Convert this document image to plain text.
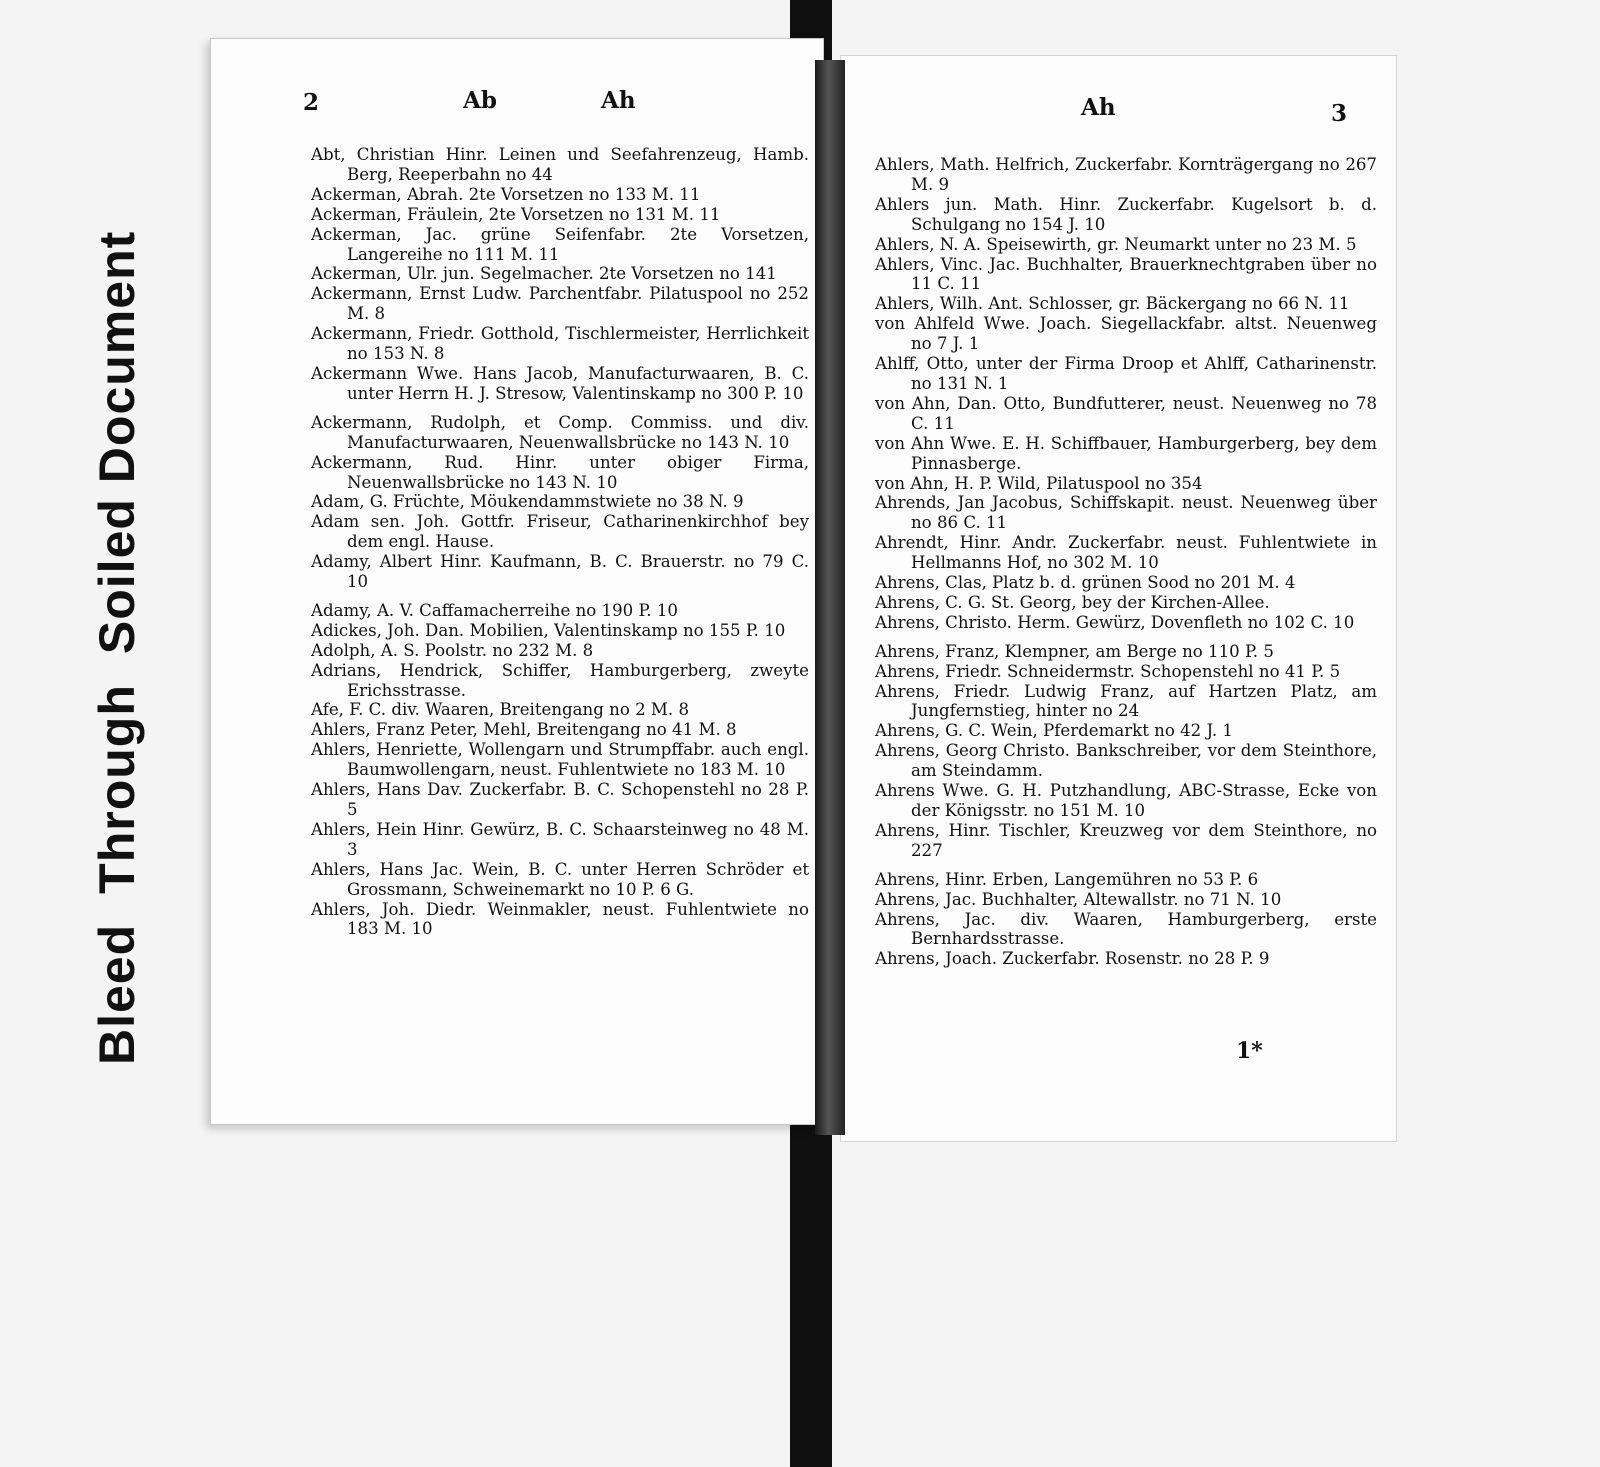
BleedThroughSoiled Document
2	Ab	Ah
Abt, Christian Hinr. Leinen und Seefahrenzeug, Hamb. Berg, Reeperbahn no 44
Ackerman, Abrah. 2te Vorsetzen no 133 M. 11
Ackerman, Fräulein, 2te Vorsetzen no 131 M. 11
Ackerman, Jac. grüne Seifenfabr. 2te Vorsetzen, Langereihe no 111 M. 11
Ackerman, Ulr. jun. Segelmacher. 2te Vorsetzen no 141
Ackermann, Ernst Ludw. Parchentfabr. Pilatuspool no 252 M. 8
Ackermann, Friedr. Gotthold, Tischlermeister, Herrlichkeit no 153 N. 8
Ackermann Wwe. Hans Jacob, Manufacturwaaren, B. C. unter Herrn H. J. Stresow, Valentinskamp no 300 P. 10
Ackermann, Rudolph, et Comp. Commiss. und div. Manufacturwaaren, Neuenwallsbrücke no 143 N. 10
Ackermann, Rud. Hinr. unter obiger Firma, Neuenwallsbrücke no 143 N. 10
Adam, G. Früchte, Möukendammstwiete no 38 N. 9
Adam sen. Joh. Gottfr. Friseur, Catharinenkirchhof bey dem engl. Hause.
Adamy, Albert Hinr. Kaufmann, B. C. Brauerstr. no 79 C. 10
Adamy, A. V. Caffamacherreihe no 190 P. 10
Adickes, Joh. Dan. Mobilien, Valentinskamp no 155 P. 10
Adolph, A. S. Poolstr. no 232 M. 8
Adrians, Hendrick, Schiffer, Hamburgerberg, zweyte Erichsstrasse.
Afe, F. C. div. Waaren, Breitengang no 2 M. 8
Ahlers, Franz Peter, Mehl, Breitengang no 41 M. 8
Ahlers, Henriette, Wollengarn und Strumpffabr. auch engl. Baumwollengarn, neust. Fuhlentwiete no 183 M. 10
Ahlers, Hans Dav. Zuckerfabr. B. C. Schopenstehl no 28 P. 5
Ahlers, Hein Hinr. Gewürz, B. C. Schaarsteinweg no 48 M. 3
Ahlers, Hans Jac. Wein, B. C. unter Herren Schröder et Grossmann, Schweinemarkt no 10 P. 6 G.
Ahlers, Joh. Diedr. Weinmakler, neust. Fuhlentwiete no 183 M. 10
Ah	3
Ahlers, Math. Helfrich, Zuckerfabr. Kornträgergang no 267 M. 9
Ahlers jun. Math. Hinr. Zuckerfabr. Kugelsort b. d. Schulgang no 154 J. 10
Ahlers, N. A. Speisewirth, gr. Neumarkt unter no 23 M. 5
Ahlers, Vinc. Jac. Buchhalter, Brauerknechtgraben über no 11 C. 11
Ahlers, Wilh. Ant. Schlosser, gr. Bäckergang no 66 N. 11
von Ahlfeld Wwe. Joach. Siegellackfabr. altst. Neuenweg no 7 J. 1
Ahlff, Otto, unter der Firma Droop et Ahlff, Catharinenstr. no 131 N. 1
von Ahn, Dan. Otto, Bundfutterer, neust. Neuenweg no 78 C. 11
von Ahn Wwe. E. H. Schiffbauer, Hamburgerberg, bey dem Pinnasberge.
von Ahn, H. P. Wild, Pilatuspool no 354
Ahrends, Jan Jacobus, Schiffskapit. neust. Neuenweg über no 86 C. 11
Ahrendt, Hinr. Andr. Zuckerfabr. neust. Fuhlentwiete in Hellmanns Hof, no 302 M. 10
Ahrens, Clas, Platz b. d. grünen Sood no 201 M. 4
Ahrens, C. G. St. Georg, bey der Kirchen-Allee.
Ahrens, Christo. Herm. Gewürz, Dovenfleth no 102 C. 10
Ahrens, Franz, Klempner, am Berge no 110 P. 5
Ahrens, Friedr. Schneidermstr. Schopenstehl no 41 P. 5
Ahrens, Friedr. Ludwig Franz, auf Hartzen Platz, am Jungfernstieg, hinter no 24
Ahrens, G. C. Wein, Pferdemarkt no 42 J. 1
Ahrens, Georg Christo. Bankschreiber, vor dem Steinthore, am Steindamm.
Ahrens Wwe. G. H. Putzhandlung, ABC-Strasse, Ecke von der Königsstr. no 151 M. 10
Ahrens, Hinr. Tischler, Kreuzweg vor dem Steinthore, no 227
Ahrens, Hinr. Erben, Langemühren no 53 P. 6
Ahrens, Jac. Buchhalter, Altewallstr. no 71 N. 10
Ahrens, Jac. div. Waaren, Hamburgerberg, erste Bernhardsstrasse.
Ahrens, Joach. Zuckerfabr. Rosenstr. no 28 P. 9
1*
